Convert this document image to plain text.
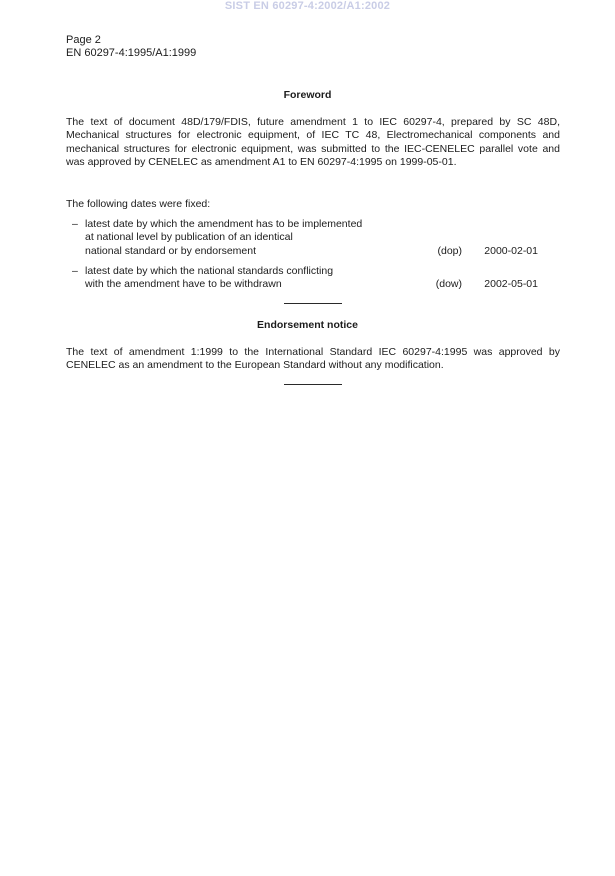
SIST EN 60297-4:2002/A1:2002
Page 2
EN 60297-4:1995/A1:1999
Foreword
The text of document 48D/179/FDIS, future amendment 1 to IEC 60297-4, prepared by SC 48D, Mechanical structures for electronic equipment, of IEC TC 48, Electromechanical components and mechanical structures for electronic equipment, was submitted to the IEC-CENELEC parallel vote and was approved by CENELEC as amendment A1 to EN 60297-4:1995 on 1999-05-01.
The following dates were fixed:
– latest date by which the amendment has to be implemented
at national level by publication of an identical
national standard or by endorsement	(dop) 2000-02-01
– latest date by which the national standards conflicting
with the amendment have to be withdrawn	(dow) 2002-05-01
Endorsement notice
The text of amendment 1:1999 to the International Standard IEC 60297-4:1995 was approved by CENELEC as an amendment to the European Standard without any modification.
